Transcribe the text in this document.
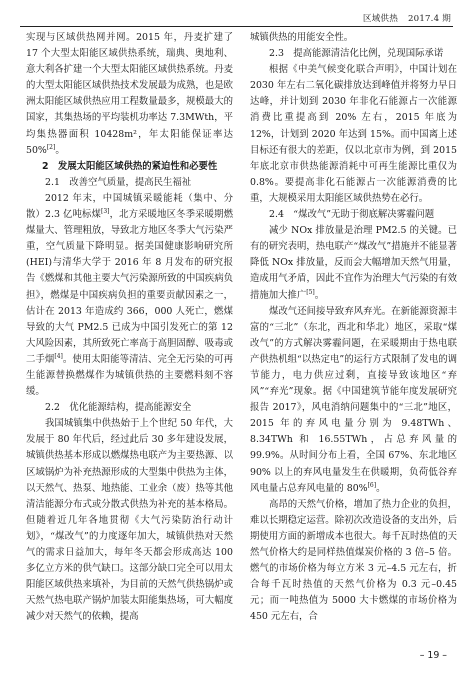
区域供热 2017.4 期

实现与区域供热网并网。2015 年，丹麦扩建了 17 个大型太阳能区域供热系统，瑞典、奥地利、意大利各扩建一个大型太阳能区域供热系统。丹麦的大型太阳能区域供热技术发展最为成熟，也是欧洲太阳能区域供热应用工程数量最多，规模最大的国家，其集热场的平均装机功率达 7.3MWth，平均集热器面积 10428m²，年太阳能保证率达 50%[2]。

2　发展太阳能区域供热的紧迫性和必要性
2.1　改善空气质量，提高民生福祉

2012 年末，中国城镇采暖能耗（集中、分散）2.3 亿吨标煤[3]，北方采暖地区冬季采暖期燃煤量大、管理粗放，导致北方地区冬季大气污染严重，空气质量下降明显。据美国健康影响研究所(HEI)与清华大学于 2016 年 8 月发布的研究报告《燃煤和其他主要大气污染源所致的中国疾病负担》，燃煤是中国疾病负担的重要贡献因素之一，估计在 2013 年造成约 366，000 人死亡，燃煤导致的大气 PM2.5 已成为中国引发死亡的第 12 大风险因素，其所致死亡率高于高胆固醇、吸毒或二手烟[4]。使用太阳能等清洁、完全无污染的可再生能源替换燃煤作为城镇供热的主要燃料刻不容缓。

2.2　优化能源结构，提高能源安全

我国城镇集中供热始于上个世纪 50 年代，大发展于 80 年代后，经过此后 30 多年建设发展，城镇供热基本形成以燃煤热电联产为主要热源、以区域锅炉为补充热源形成的大型集中供热为主体，以天然气、热泵、地热能、工业余（废）热等其他清洁能源分布式或分散式供热为补充的基本格局。但随着近几年各地贯彻《大气污染防治行动计划》，“煤改气”的力度逐年加大，城镇供热对天然气的需求日益加大，每年冬天都会形成高达 100 多亿立方米的供气缺口。这部分缺口完全可以用太阳能区域供热来填补，为目前的天然气供热锅炉或天然气热电联产锅炉加装太阳能集热场，可大幅度减少对天然气的依赖，提高

城镇供热的用能安全性。

2.3　提高能源清洁化比例，兑现国际承诺

根据《中美气候变化联合声明》，中国计划在 2030 年左右二氧化碳排放达到峰值并将努力早日达峰，并计划到 2030 年非化石能源占一次能源消费比重提高到 20% 左右，2015 年底为 12%，计划到 2020 年达到 15%。而中国离上述目标还有很大的差距，仅以北京市为例，到 2015 年底北京市供热能源消耗中可再生能源比重仅为 0.8%。要提高非化石能源占一次能源消费的比重，大规模采用太阳能区域供热势在必行。

2.4　“煤改气”无助于彻底解决雾霾问题

减少 NOx 排放量是治理 PM2.5 的关键。已有的研究表明，热电联产“煤改气”措施并不能显著降低 NOx 排放量，反而会大幅增加天然气用量，造成用气矛盾，因此不宜作为治理大气污染的有效措施加大推广[5]。

煤改气还间接导致弃风弃光。在新能源资源丰富的“三北”（东北，西北和华北）地区，采取“煤改气”的方式解决雾霾问题，在采暖期由于热电联产供热机组“以热定电”的运行方式限制了发电的调节能力，电力供应过剩，直接导致该地区“弃风”“弃光”现象。据《中国建筑节能年度发展研究报告 2017》，风电消纳问题集中的“三北”地区，2015 年的弃风电量分别为 9.48TWh、8.34TWh 和 16.55TWh，占总弃风量的 99.9%。从时间分布上看，全国 67%、东北地区 90% 以上的弃风电量发生在供暖期，负荷低谷弃风电量占总弃风电量的 80%[6]。

高昂的天然气价格，增加了热力企业的负担，难以长期稳定运营。除初次改造设备的支出外，后期使用方面的新增成本也很大。每千瓦时热值的天然气价格大约是同样热值煤炭价格的 3 倍–5 倍。燃气的市场价格为每立方米 3 元–4.5 元左右，折合每千瓦时热值的天然气价格为 0.3 元–0.45 元；而一吨热值为 5000 大卡燃煤的市场价格为 450 元左右，合

– 19 –
